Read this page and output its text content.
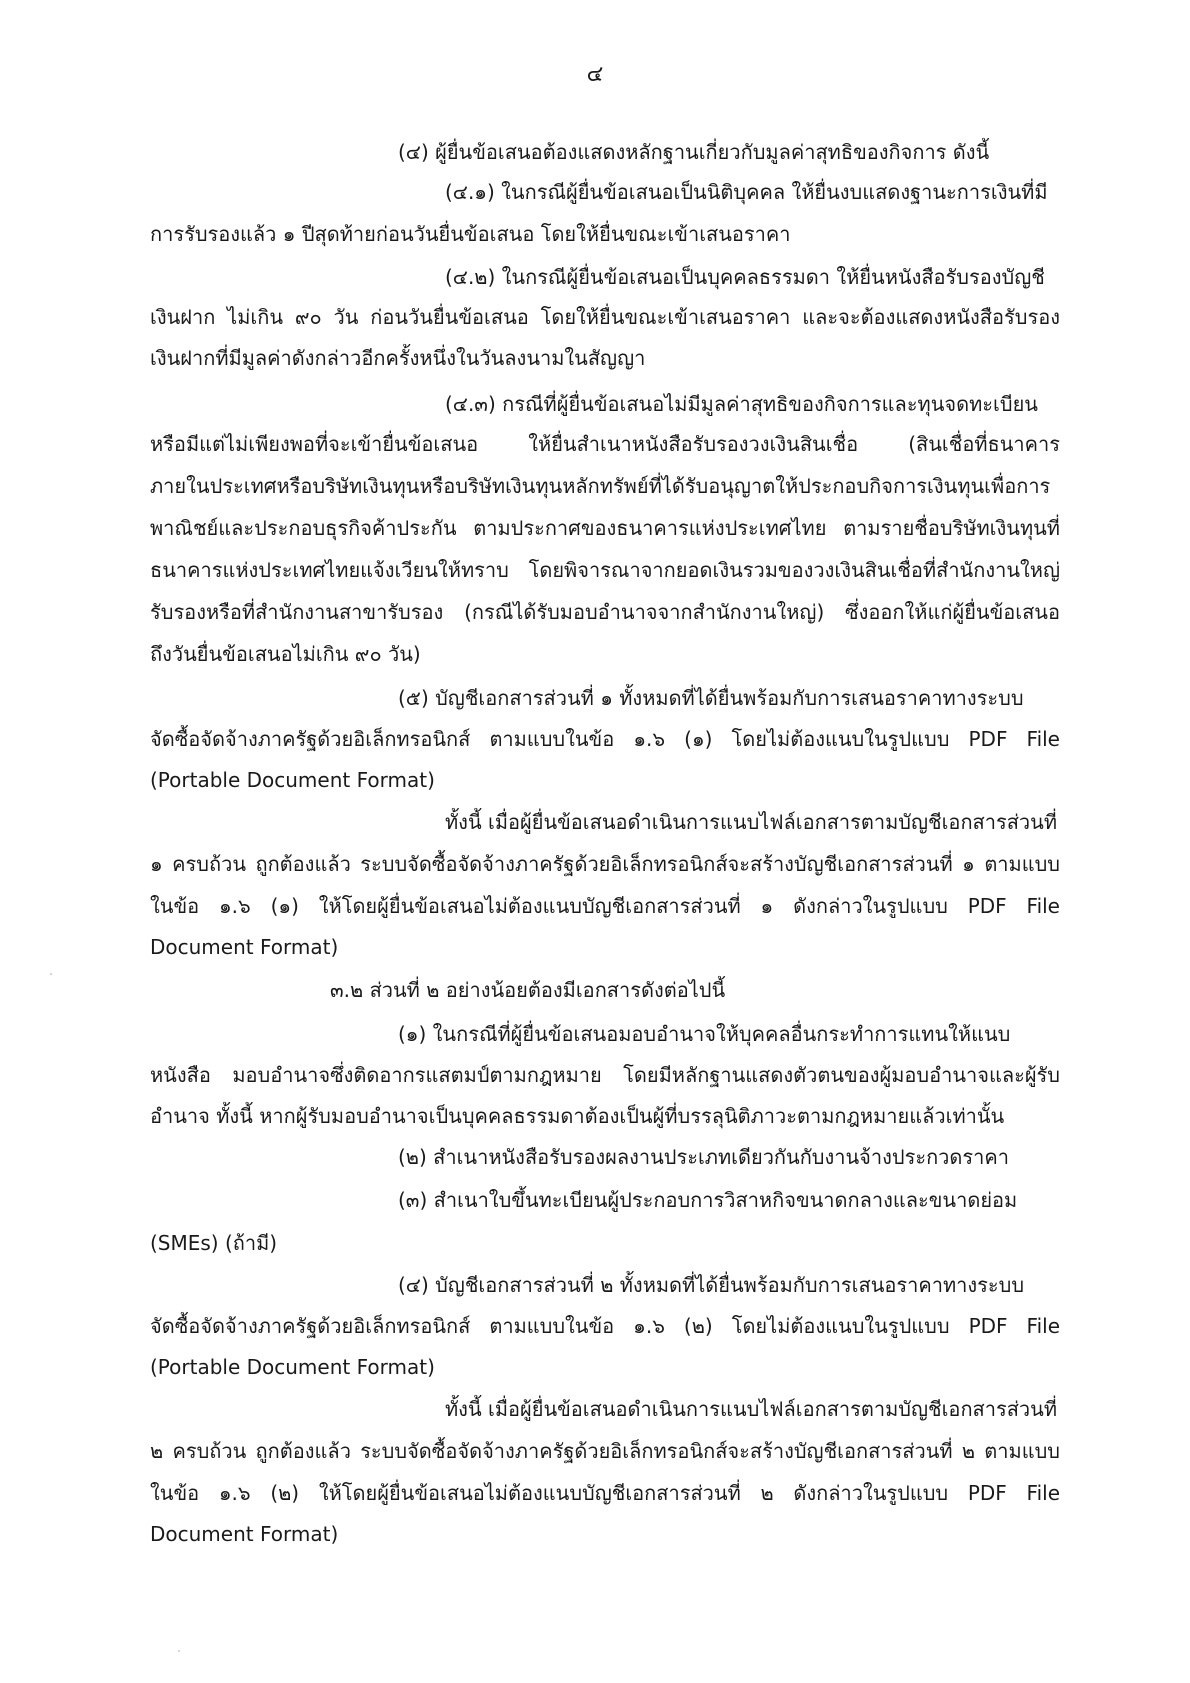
๔
(๔) ผู้ยื่นข้อเสนอต้องแสดงหลักฐานเกี่ยวกับมูลค่าสุทธิของกิจการ ดังนี้
(๔.๑) ในกรณีผู้ยื่นข้อเสนอเป็นนิติบุคคล ให้ยื่นงบแสดงฐานะการเงินที่มี
การรับรองแล้ว ๑ ปีสุดท้ายก่อนวันยื่นข้อเสนอ โดยให้ยื่นขณะเข้าเสนอราคา
(๔.๒) ในกรณีผู้ยื่นข้อเสนอเป็นบุคคลธรรมดา ให้ยื่นหนังสือรับรองบัญชี
เงินฝาก ไม่เกิน ๙๐ วัน ก่อนวันยื่นข้อเสนอ โดยให้ยื่นขณะเข้าเสนอราคา และจะต้องแสดงหนังสือรับรอง
เงินฝากที่มีมูลค่าดังกล่าวอีกครั้งหนึ่งในวันลงนามในสัญญา
(๔.๓) กรณีที่ผู้ยื่นข้อเสนอไม่มีมูลค่าสุทธิของกิจการและทุนจดทะเบียน
หรือมีแต่ไม่เพียงพอที่จะเข้ายื่นข้อเสนอ ให้ยื่นสำเนาหนังสือรับรองวงเงินสินเชื่อ (สินเชื่อที่ธนาคาร
ภายในประเทศหรือบริษัทเงินทุนหรือบริษัทเงินทุนหลักทรัพย์ที่ได้รับอนุญาตให้ประกอบกิจการเงินทุนเพื่อการ
พาณิชย์และประกอบธุรกิจค้าประกัน ตามประกาศของธนาคารแห่งประเทศไทย ตามรายชื่อบริษัทเงินทุนที่
ธนาคารแห่งประเทศไทยแจ้งเวียนให้ทราบ โดยพิจารณาจากยอดเงินรวมของวงเงินสินเชื่อที่สำนักงานใหญ่
รับรองหรือที่สำนักงานสาขารับรอง (กรณีได้รับมอบอำนาจจากสำนักงานใหญ่) ซึ่งออกให้แก่ผู้ยื่นข้อเสนอ
ถึงวันยื่นข้อเสนอไม่เกิน ๙๐ วัน)
(๕) บัญชีเอกสารส่วนที่ ๑ ทั้งหมดที่ได้ยื่นพร้อมกับการเสนอราคาทางระบบ
จัดซื้อจัดจ้างภาครัฐด้วยอิเล็กทรอนิกส์ ตามแบบในข้อ ๑.๖ (๑) โดยไม่ต้องแนบในรูปแบบ PDF File
(Portable Document Format)
ทั้งนี้ เมื่อผู้ยื่นข้อเสนอดำเนินการแนบไฟล์เอกสารตามบัญชีเอกสารส่วนที่
๑ ครบถ้วน ถูกต้องแล้ว ระบบจัดซื้อจัดจ้างภาครัฐด้วยอิเล็กทรอนิกส์จะสร้างบัญชีเอกสารส่วนที่ ๑ ตามแบบ
ในข้อ ๑.๖ (๑) ให้โดยผู้ยื่นข้อเสนอไม่ต้องแนบบัญชีเอกสารส่วนที่ ๑ ดังกล่าวในรูปแบบ PDF File
Document Format)
๓.๒ ส่วนที่ ๒ อย่างน้อยต้องมีเอกสารดังต่อไปนี้
(๑) ในกรณีที่ผู้ยื่นข้อเสนอมอบอำนาจให้บุคคลอื่นกระทำการแทนให้แนบ
หนังสือ มอบอำนาจซึ่งติดอากรแสตมป์ตามกฎหมาย โดยมีหลักฐานแสดงตัวตนของผู้มอบอำนาจและผู้รับ
อำนาจ ทั้งนี้ หากผู้รับมอบอำนาจเป็นบุคคลธรรมดาต้องเป็นผู้ที่บรรลุนิติภาวะตามกฎหมายแล้วเท่านั้น
(๒) สำเนาหนังสือรับรองผลงานประเภทเดียวกันกับงานจ้างประกวดราคา
(๓) สำเนาใบขึ้นทะเบียนผู้ประกอบการวิสาหกิจขนาดกลางและขนาดย่อม
(SMEs) (ถ้ามี)
(๔) บัญชีเอกสารส่วนที่ ๒ ทั้งหมดที่ได้ยื่นพร้อมกับการเสนอราคาทางระบบ
จัดซื้อจัดจ้างภาครัฐด้วยอิเล็กทรอนิกส์ ตามแบบในข้อ ๑.๖ (๒) โดยไม่ต้องแนบในรูปแบบ PDF File
(Portable Document Format)
ทั้งนี้ เมื่อผู้ยื่นข้อเสนอดำเนินการแนบไฟล์เอกสารตามบัญชีเอกสารส่วนที่
๒ ครบถ้วน ถูกต้องแล้ว ระบบจัดซื้อจัดจ้างภาครัฐด้วยอิเล็กทรอนิกส์จะสร้างบัญชีเอกสารส่วนที่ ๒ ตามแบบ
ในข้อ ๑.๖ (๒) ให้โดยผู้ยื่นข้อเสนอไม่ต้องแนบบัญชีเอกสารส่วนที่ ๒ ดังกล่าวในรูปแบบ PDF File
Document Format)
